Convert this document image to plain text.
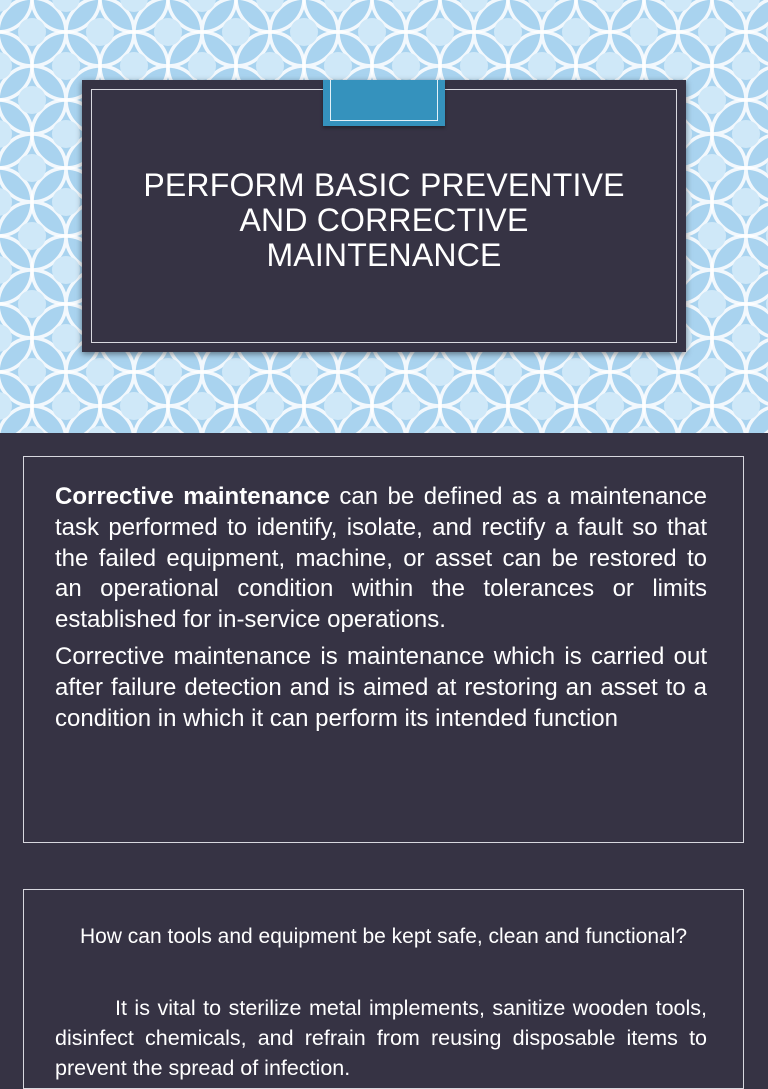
PERFORM BASIC PREVENTIVE
AND CORRECTIVE
MAINTENANCE

Corrective maintenance can be defined as a maintenance task performed to identify, isolate, and rectify a fault so that the failed equipment, machine, or asset can be restored to an operational condition within the tolerances or limits established for in-service operations.

Corrective maintenance is maintenance which is carried out after failure detection and is aimed at restoring an asset to a condition in which it can perform its intended function

How can tools and equipment be kept safe, clean and functional?

It is vital to sterilize metal implements, sanitize wooden tools, disinfect chemicals, and refrain from reusing disposable items to prevent the spread of infection.
